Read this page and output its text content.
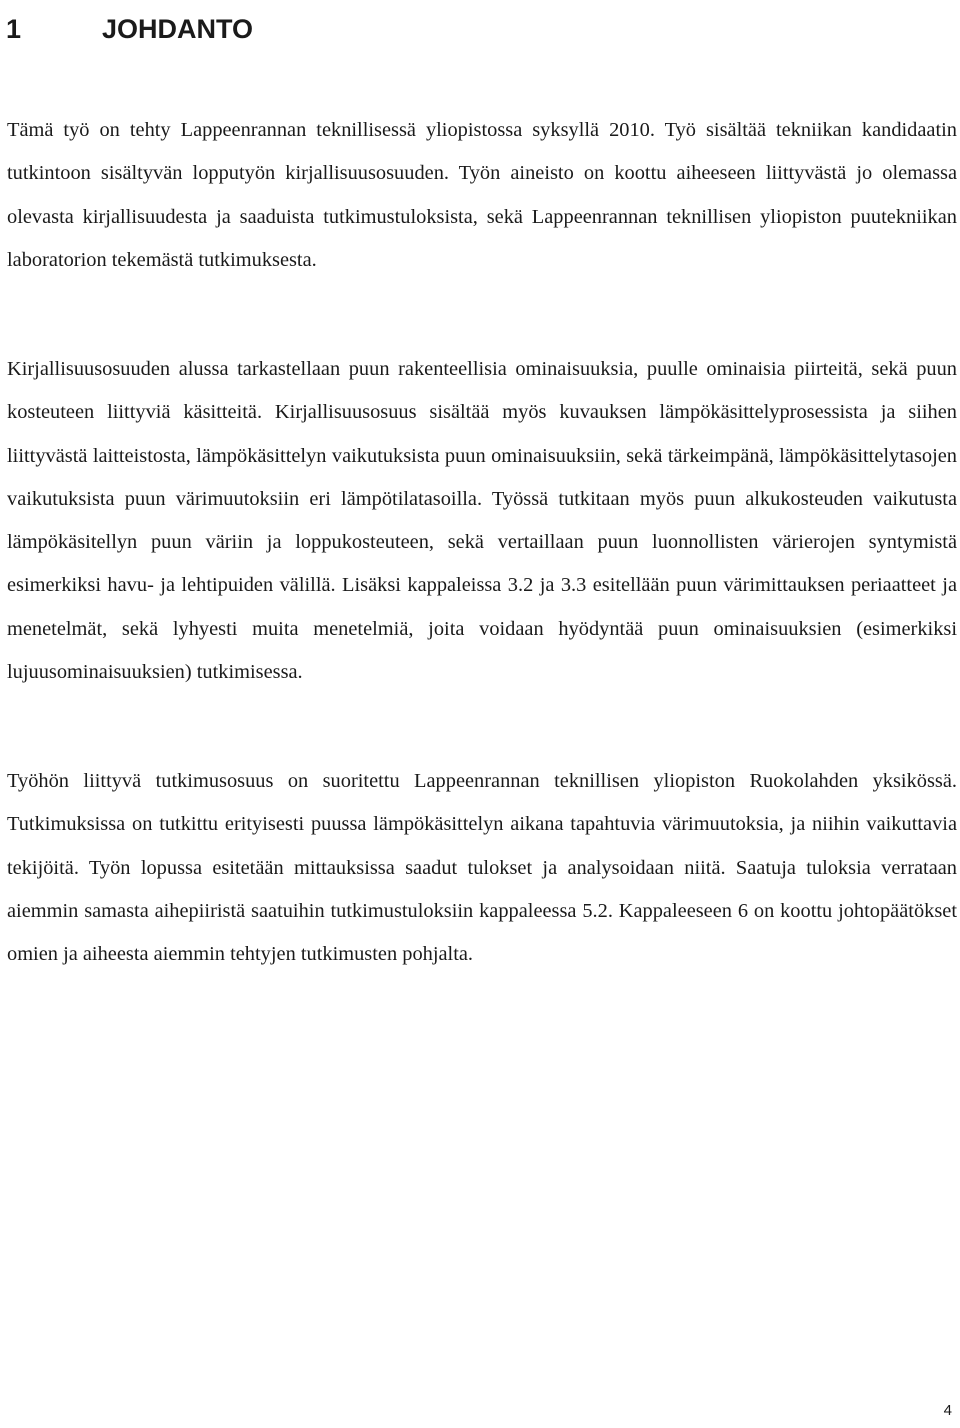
1	JOHDANTO

Tämä työ on tehty Lappeenrannan teknillisessä yliopistossa syksyllä 2010. Työ sisältää tekniikan kandidaatin tutkintoon sisältyvän lopputyön kirjallisuusosuuden. Työn aineisto on koottu aiheeseen liittyvästä jo olemassa olevasta kirjallisuudesta ja saaduista tutkimustuloksista, sekä Lappeenrannan teknillisen yliopiston puutekniikan laboratorion tekemästä tutkimuksesta.

Kirjallisuusosuuden alussa tarkastellaan puun rakenteellisia ominaisuuksia, puulle ominaisia piirteitä, sekä puun kosteuteen liittyviä käsitteitä. Kirjallisuusosuus sisältää myös kuvauksen lämpökäsittelyprosessista ja siihen liittyvästä laitteistosta, lämpökäsittelyn vaikutuksista puun ominaisuuksiin, sekä tärkeimpänä, lämpökäsittelytasojen vaikutuksista puun värimuutoksiin eri lämpötilatasoilla. Työssä tutkitaan myös puun alkukosteuden vaikutusta lämpökäsitellyn puun väriin ja loppukosteuteen, sekä vertaillaan puun luonnollisten värierojen syntymistä esimerkiksi havu- ja lehtipuiden välillä. Lisäksi kappaleissa 3.2 ja 3.3 esitellään puun värimittauksen periaatteet ja menetelmät, sekä lyhyesti muita menetelmiä, joita voidaan hyödyntää puun ominaisuuksien (esimerkiksi lujuusominaisuuksien) tutkimisessa.

Työhön liittyvä tutkimusosuus on suoritettu Lappeenrannan teknillisen yliopiston Ruokolahden yksikössä. Tutkimuksissa on tutkittu erityisesti puussa lämpökäsittelyn aikana tapahtuvia värimuutoksia, ja niihin vaikuttavia tekijöitä. Työn lopussa esitetään mittauksissa saadut tulokset ja analysoidaan niitä. Saatuja tuloksia verrataan aiemmin samasta aihepiiristä saatuihin tutkimustuloksiin kappaleessa 5.2. Kappaleeseen 6 on koottu johtopäätökset omien ja aiheesta aiemmin tehtyjen tutkimusten pohjalta.

4
